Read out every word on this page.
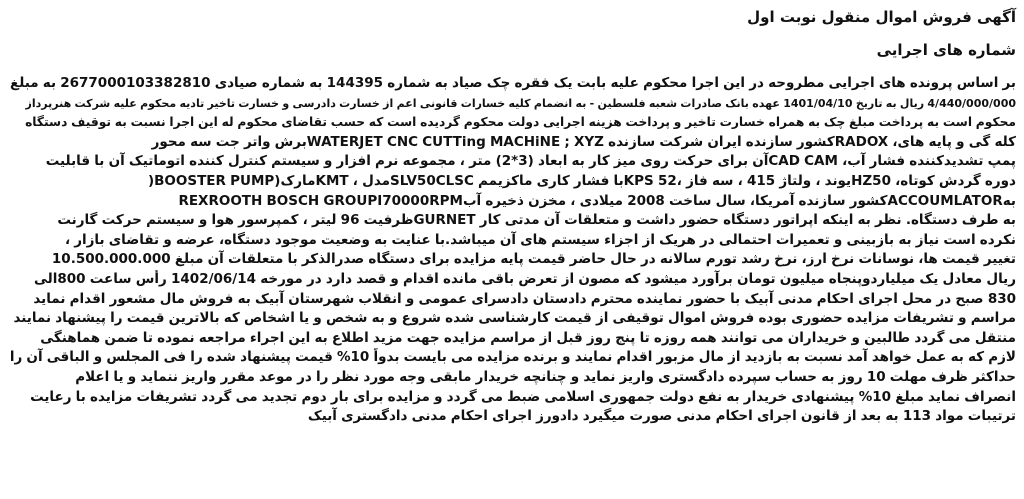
آگهی فروش اموال منقول نوبت اول
شماره های اجرایی
بر اساس پرونده های اجرایی مطروحه در این اجرا محکوم علیه بابت یک فقره چک صیاد به شماره 144395 به شماره صیادی 2677000103382810 به مبلغ
4/440/000/000 ریال به تاریخ 1401/04/10 عهده بانک صادرات شعبه فلسطین - به انضمام کلیه خسارات قانونی اعم از خسارت دادرسی و خسارت تاخیر تادیه محکوم علیه شرکت هنرپرداز
محکوم است به پرداخت مبلغ چک به همراه خسارت تاخیر و پرداخت هزینه اجرایی دولت محکوم گردیده است که حسب تقاضای محکوم له این اجرا نسبت به توقیف دستگاه
کله گی و پایه های، RADOXکشور سازنده ایران شرکت سازنده WATERJET CNC CUTTing MACHiNE ; XYZبرش واتر جت سه محور
پمپ تشدیدکننده فشار آب، CAD CAMآن برای حرکت روی میز کار به ابعاد (3*2) متر ، مجموعه نرم افزار و سیستم کنترل کننده اتوماتیک آن با قابلیت
دوره گردش کوتاه، HZ50یوند ، ولتاژ 415 ، سه فاز ،KPS 52با فشار کاری ماکزیمم SLV50CLSCمدل ، KMTمارک(BOOSTER PUMP(
بهACCOUMLATORکشور سازنده آمریکا، سال ساخت 2008 میلادی ، مخزن ذخیره آبREXROOTH BOSCH GROUPI70000RPM
به طرف دستگاه. نظر به اینکه اپراتور دستگاه حضور داشت و متعلقات آن مدتی کار GURNETظرفیت 96 لیتر ، کمپرسور هوا و سیستم حرکت گارنت
نکرده است نیاز به بازبینی و تعمیرات احتمالی در هریک از اجزاء سیستم های آن میباشد.با عنایت به وضعیت موجود دستگاه، عرضه و تقاضای بازار ،
تغییر قیمت ها، نوسانات نرخ ارز، نرخ رشد تورم سالانه در حال حاضر قیمت پایه مزایده برای دستگاه صدرالذکر با متعلقات آن مبلغ 10.500.000.000
ریال معادل یک میلیاردوپنجاه میلیون تومان برآورد میشود که مصون از تعرض باقی مانده اقدام و قصد دارد در مورخه 1402/06/14 رأس ساعت 800الی
830 صبح در محل اجرای احکام مدنی آبیک با حضور نماینده محترم دادستان دادسرای عمومی و انقلاب شهرستان آبیک به فروش مال مشعور اقدام نماید
مراسم و تشریفات مزایده حضوری بوده فروش اموال توقیفی از قیمت کارشناسی شده شروع و به شخص و یا اشخاص که بالاترین قیمت را پیشنهاد نمایند
منتقل می گردد طالبین و خریداران می توانند همه روزه تا پنج روز قبل از مراسم مزایده جهت مزید اطلاع به این اجراء مراجعه نموده تا ضمن هماهنگی
لازم که به عمل خواهد آمد نسبت به بازدید از مال مزبور اقدام نمایند و برنده مزایده می بایست بدواً 10% قیمت پیشنهاد شده را فی المجلس و الباقی آن را
حداکثر ظرف مهلت 10 روز به حساب سپرده دادگستری واریز نماید و چنانچه خریدار مابقی وجه مورد نظر را در موعد مقرر واریز ننماید و یا اعلام
انصراف نماید مبلغ 10% پیشنهادی خریدار به نفع دولت جمهوری اسلامی ضبط می گردد و مزایده برای بار دوم تجدید می گردد تشریفات مزایده با رعایت
ترتیبات مواد 113 به بعد از قانون اجرای احکام مدنی صورت میگیرد دادورز اجرای احکام مدنی دادگستری آبیک
